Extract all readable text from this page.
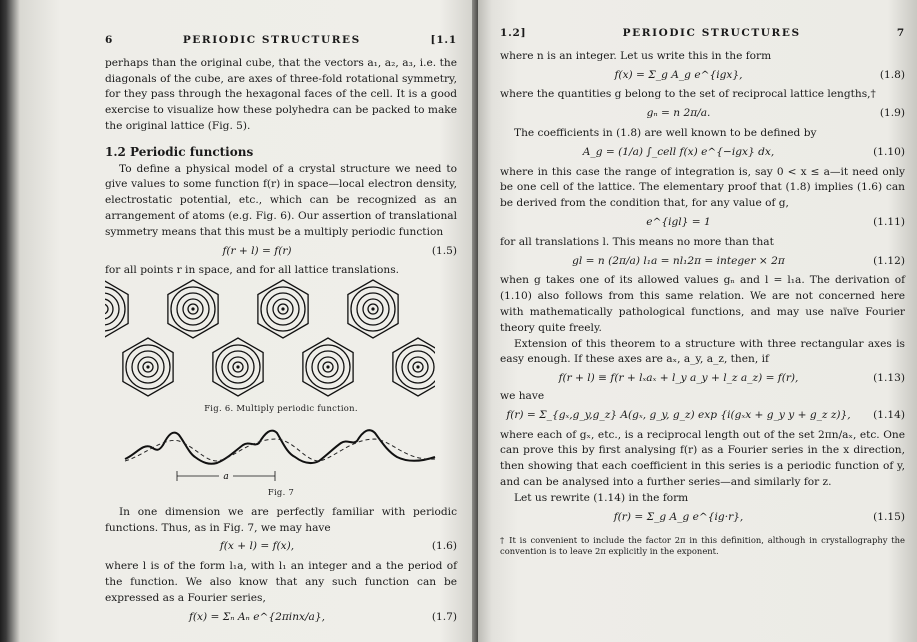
6	PERIODIC STRUCTURES	[1.1

perhaps than the original cube, that the vectors a₁, a₂, a₃, i.e. the diagonals of the cube, are axes of three-fold rotational symmetry, for they pass through the hexagonal faces of the cell. It is a good exercise to visualize how these polyhedra can be packed to make the original lattice (Fig. 5).

1.2 Periodic functions

To define a physical model of a crystal structure we need to give values to some function f(r) in space—local electron density, electrostatic potential, etc., which can be recognized as an arrangement of atoms (e.g. Fig. 6). Our assertion of translational symmetry means that this must be a multiply periodic function

f(r + l) = f(r)	(1.5)

for all points r in space, and for all lattice translations.

Fig. 6. Multiply periodic function.
a
Fig. 7

In one dimension we are perfectly familiar with periodic functions. Thus, as in Fig. 7, we may have

f(x + l) = f(x),	(1.6)

where l is of the form l₁a, with l₁ an integer and a the period of the function. We also know that any such function can be expressed as a Fourier series,

f(x) = Σₙ Aₙ e^{2πinx/a},	(1.7)
1.2]	PERIODIC STRUCTURES	7

where n is an integer. Let us write this in the form

f(x) = Σ_g A_g e^{igx},	(1.8)

where the quantities g belong to the set of reciprocal lattice lengths,†

gₙ = n 2π/a.	(1.9)

The coefficients in (1.8) are well known to be defined by

A_g = (1/a) ∫_cell f(x) e^{−igx} dx,	(1.10)

where in this case the range of integration is, say 0 < x ≤ a—it need only be one cell of the lattice. The elementary proof that (1.8) implies (1.6) can be derived from the condition that, for any value of g,

e^{igl} = 1	(1.11)

for all translations l. This means no more than that

gl = n (2π/a) l₁a = nl₁2π = integer × 2π	(1.12)

when g takes one of its allowed values gₙ and l = l₁a. The derivation of (1.10) also follows from this same relation. We are not concerned here with mathematically pathological functions, and may use naïve Fourier theory quite freely.

Extension of this theorem to a structure with three rectangular axes is easy enough. If these axes are aₓ, a_y, a_z, then, if

f(r + l) ≡ f(r + lₓaₓ + l_y a_y + l_z a_z) = f(r),	(1.13)

we have

f(r) = Σ_{gₓ,g_y,g_z} A(gₓ, g_y, g_z) exp {i(gₓx + g_y y + g_z z)},	(1.14)

where each of gₓ, etc., is a reciprocal length out of the set 2πn/aₓ, etc. One can prove this by first analysing f(r) as a Fourier series in the x direction, then showing that each coefficient in this series is a periodic function of y, and can be analysed into a further series—and similarly for z.

Let us rewrite (1.14) in the form

f(r) = Σ_g A_g e^{ig·r},	(1.15)

† It is convenient to include the factor 2π in this definition, although in crystallography the convention is to leave 2π explicitly in the exponent.
